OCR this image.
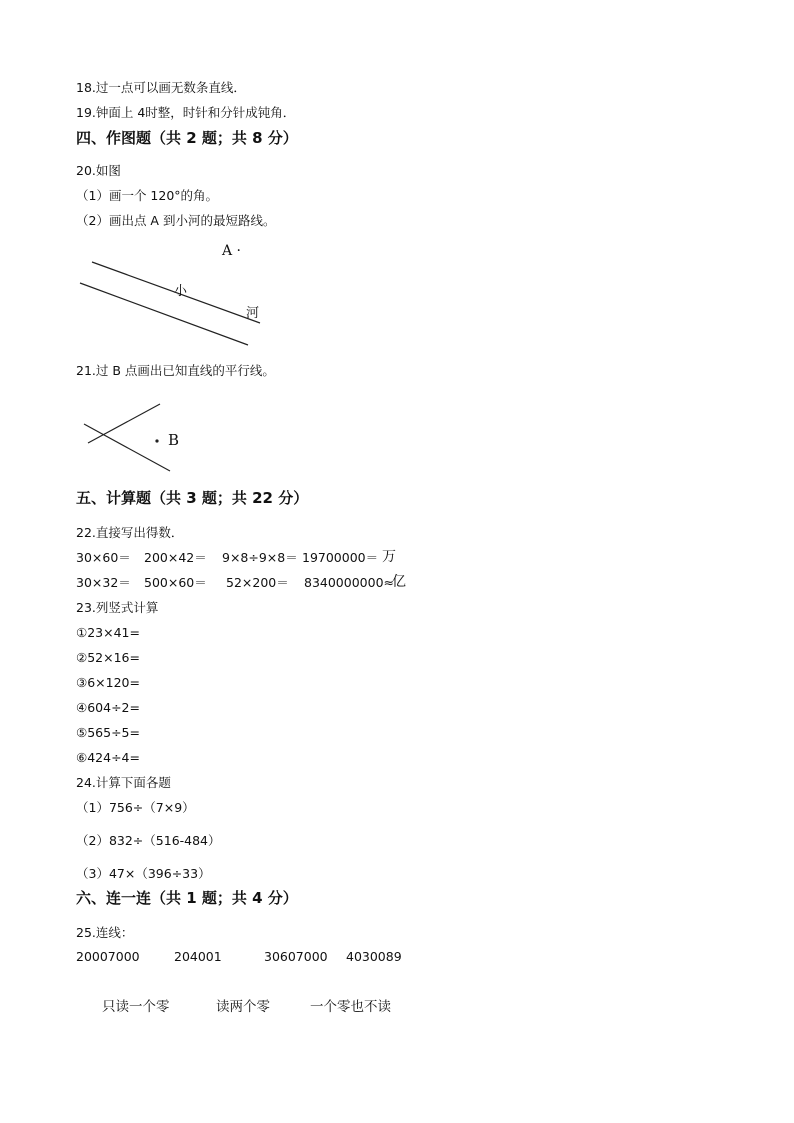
18.过一点可以画无数条直线．
19.钟面上 4时整，时针和分针成钝角．
四、作图题（共 2 题；共 8 分）
20.如图
（1）画一个 120°的角。
（2）画出点 A 到小河的最短路线。
A ·
小
河
21.过 B 点画出已知直线的平行线。
B
五、计算题（共 3 题；共 22 分）
22.直接写出得数．
30×60＝ 200×42＝ 9×8÷9×8＝ 19700000＝ 万
30×32＝ 500×60＝ 52×200＝ 8340000000≈
亿
23.列竖式计算
①23×41=
②52×16=
③6×120=
④604÷2=
⑤565÷5=
⑥424÷4=
24.计算下面各题
（1）756÷（7×9）
（2）832÷（516-484）
（3）47×（396÷33）
六、连一连（共 1 题；共 4 分）
25.连线：
20007000	204001	30607000 4030089
只读一个零	读两个零	一个零也不读
